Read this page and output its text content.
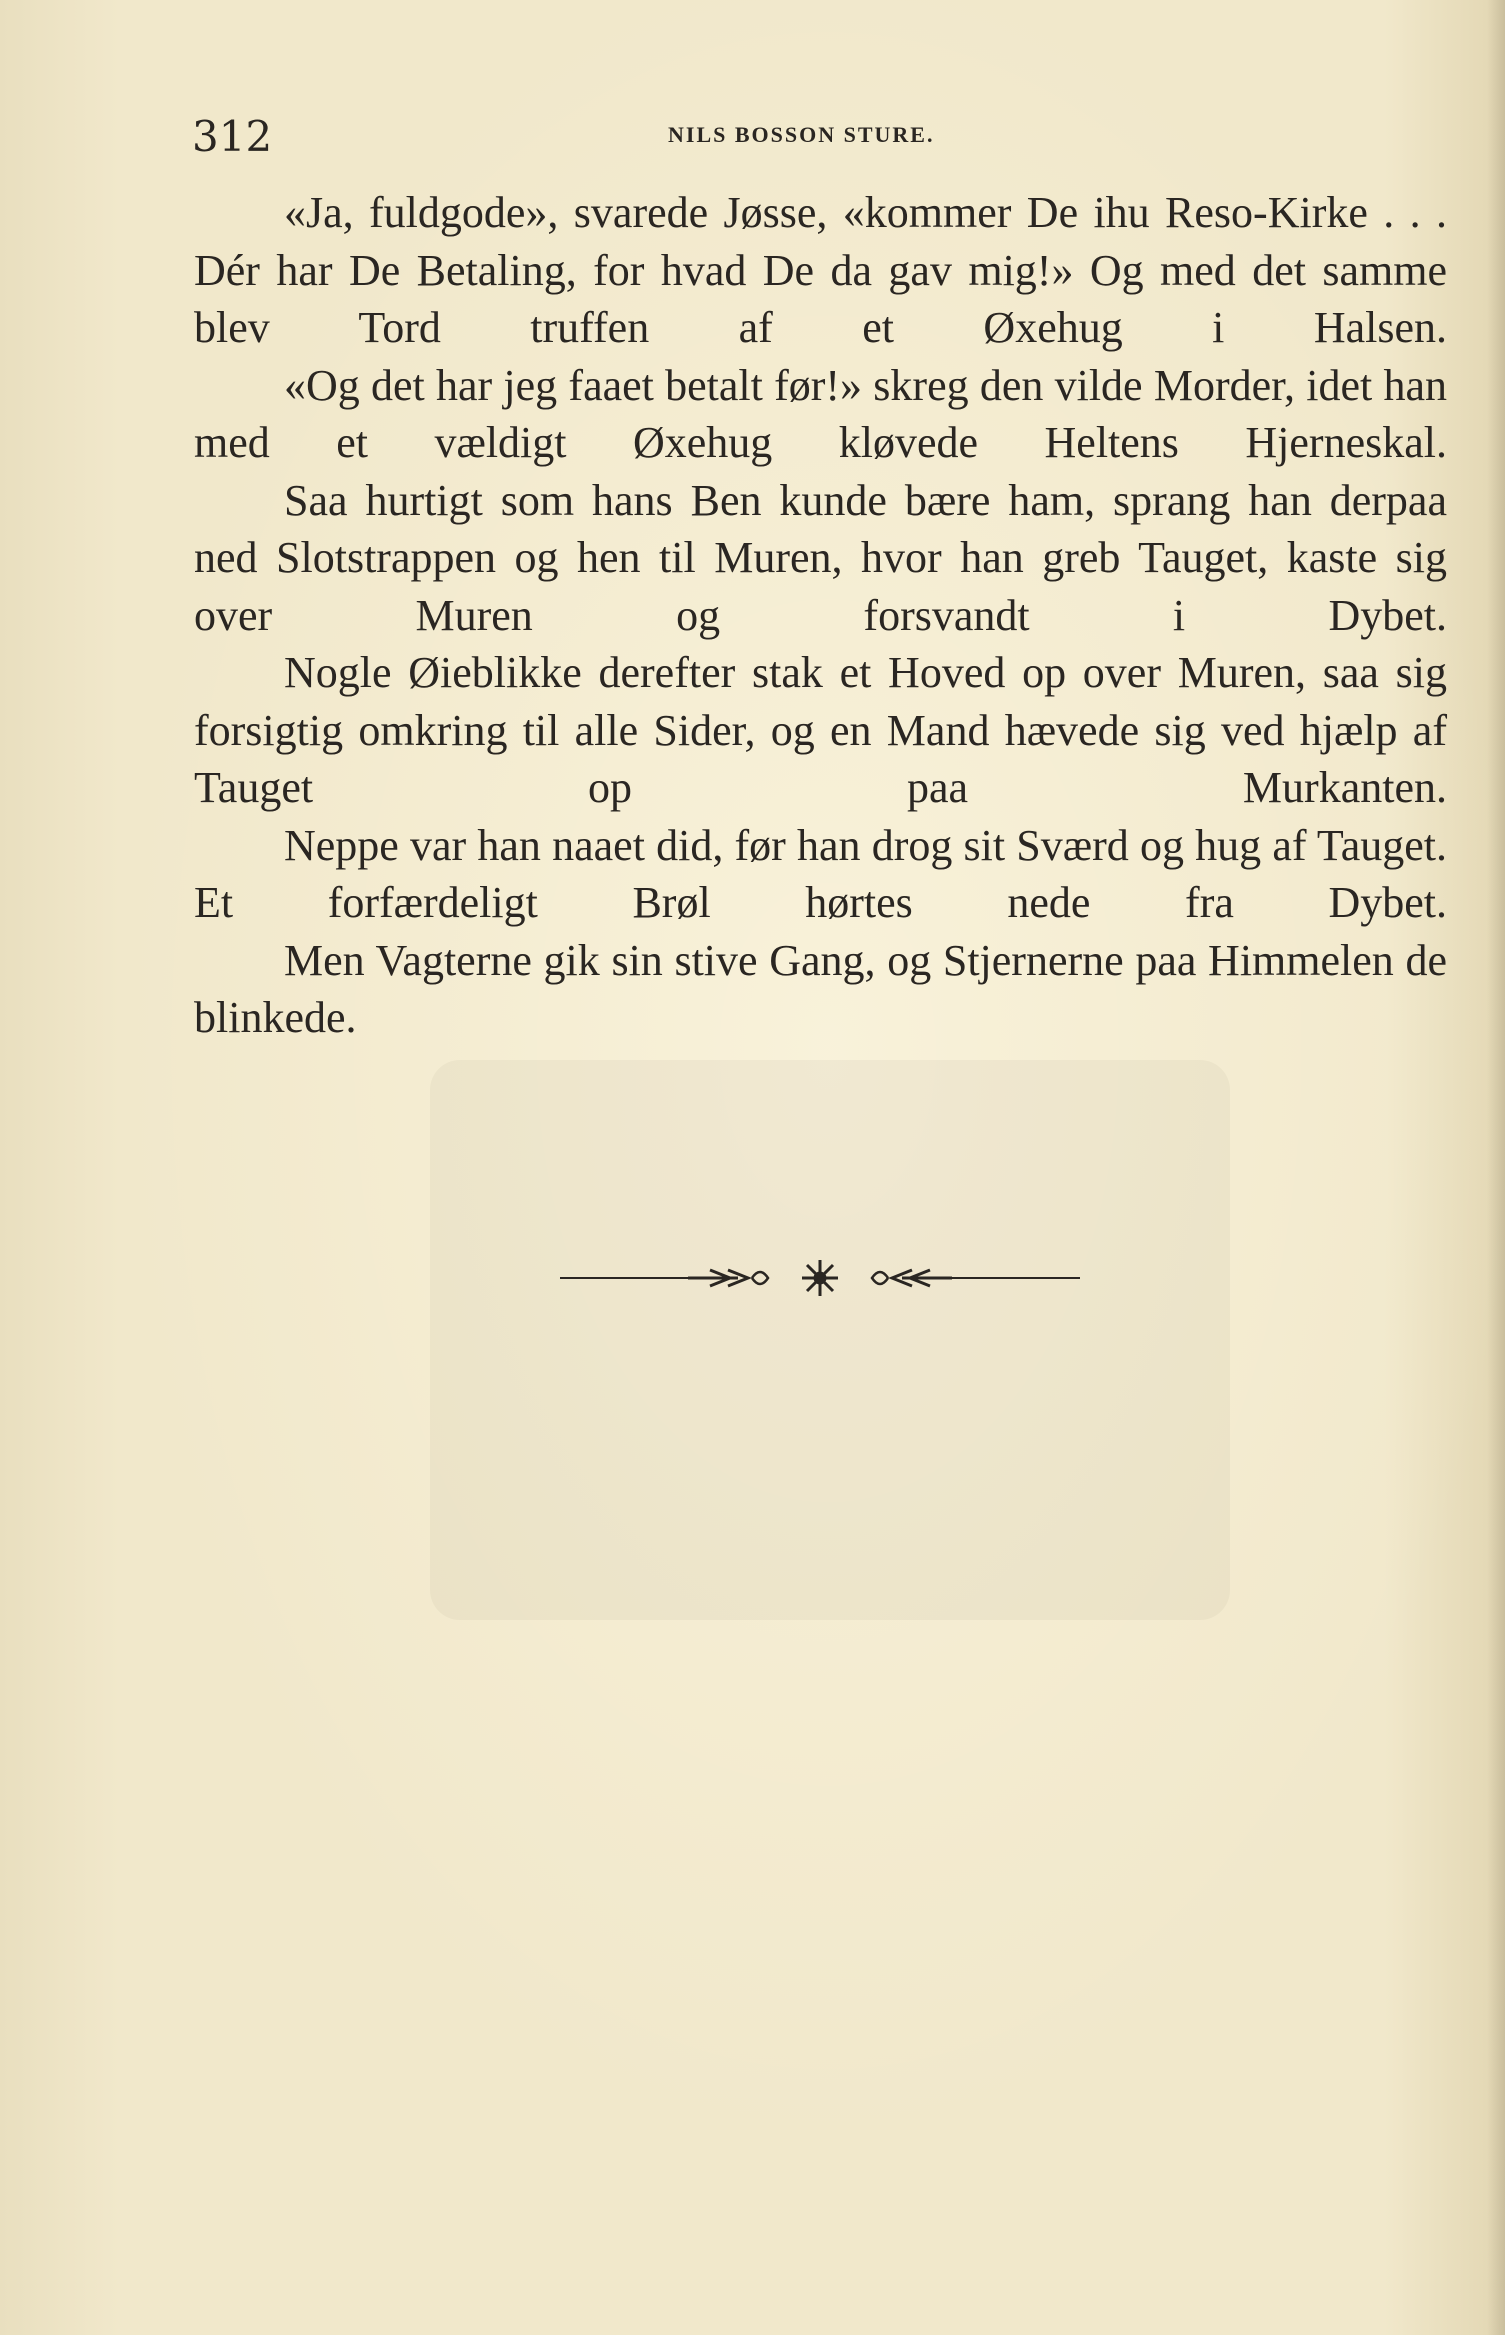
312	NILS BOSSON STURE.

«Ja, fuldgode», svarede Jøsse, «kommer De ihu Reso-Kirke . . . Dér har De Betaling, for hvad De da gav mig!» Og med det samme blev Tord truffen af et Øxehug i Halsen.

«Og det har jeg faaet betalt før!» skreg den vilde Morder, idet han med et vældigt Øxehug kløvede Heltens Hjerneskal.

Saa hurtigt som hans Ben kunde bære ham, sprang han derpaa ned Slotstrappen og hen til Muren, hvor han greb Tauget, kaste sig over Muren og forsvandt i Dybet.

Nogle Øieblikke derefter stak et Hoved op over Muren, saa sig forsigtig omkring til alle Sider, og en Mand hævede sig ved hjælp af Tauget op paa Murkanten.

Neppe var han naaet did, før han drog sit Sværd og hug af Tauget. Et forfærdeligt Brøl hørtes nede fra Dybet.

Men Vagterne gik sin stive Gang, og Stjernerne paa Himmelen de blinkede.
